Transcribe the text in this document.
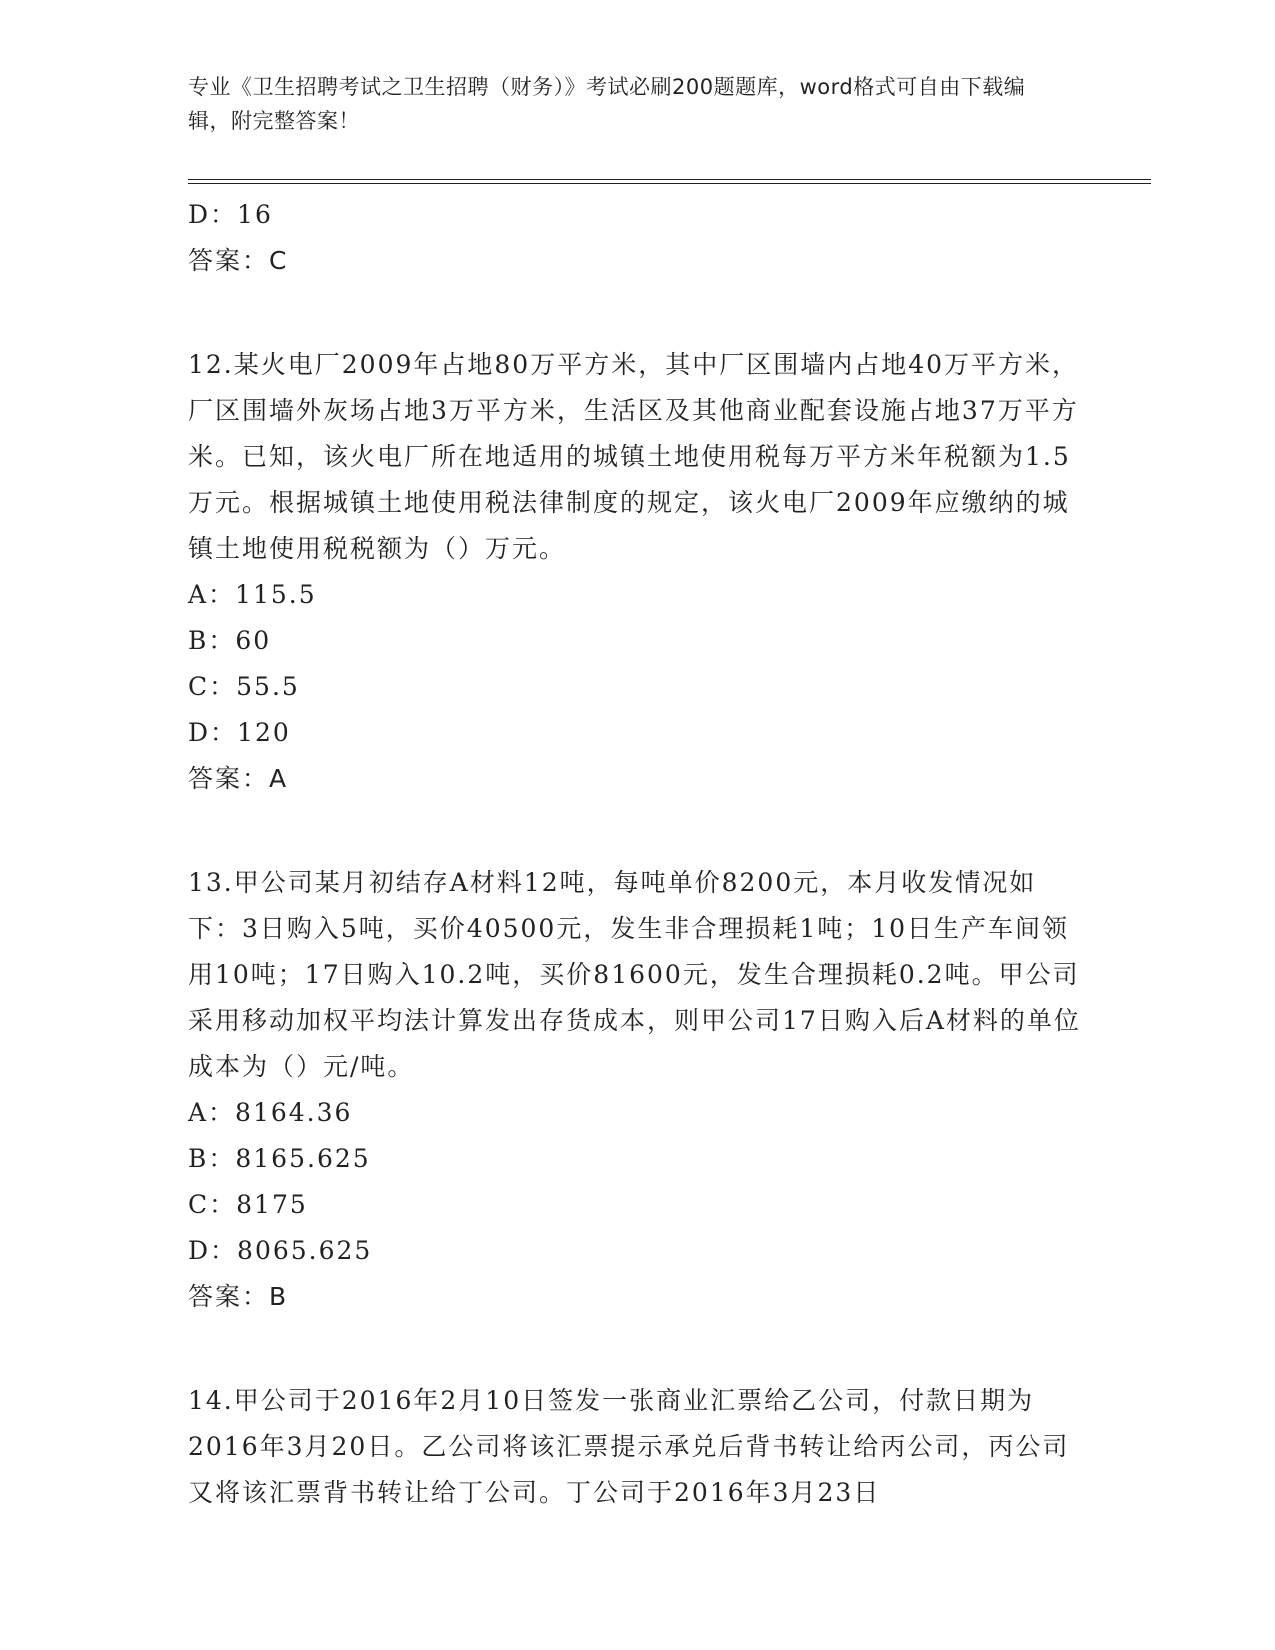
专业《卫生招聘考试之卫生招聘（财务）》考试必刷200题题库，word格式可自由下载编辑，附完整答案！
D：16
答案：C
12.某火电厂2009年占地80万平方米，其中厂区围墙内占地40万平方米，厂区围墙外灰场占地3万平方米，生活区及其他商业配套设施占地37万平方米。已知，该火电厂所在地适用的城镇土地使用税每万平方米年税额为1.5万元。根据城镇土地使用税法律制度的规定，该火电厂2009年应缴纳的城镇土地使用税税额为（）万元。
A：115.5
B：60
C：55.5
D：120
答案：A
13.甲公司某月初结存A材料12吨，每吨单价8200元，本月收发情况如下：3日购入5吨，买价40500元，发生非合理损耗1吨；10日生产车间领用10吨；17日购入10.2吨，买价81600元，发生合理损耗0.2吨。甲公司采用移动加权平均法计算发出存货成本，则甲公司17日购入后A材料的单位成本为（）元/吨。
A：8164.36
B：8165.625
C：8175
D：8065.625
答案：B
14.甲公司于2016年2月10日签发一张商业汇票给乙公司，付款日期为2016年3月20日。乙公司将该汇票提示承兑后背书转让给丙公司，丙公司又将该汇票背书转让给丁公司。丁公司于2016年3月23日
